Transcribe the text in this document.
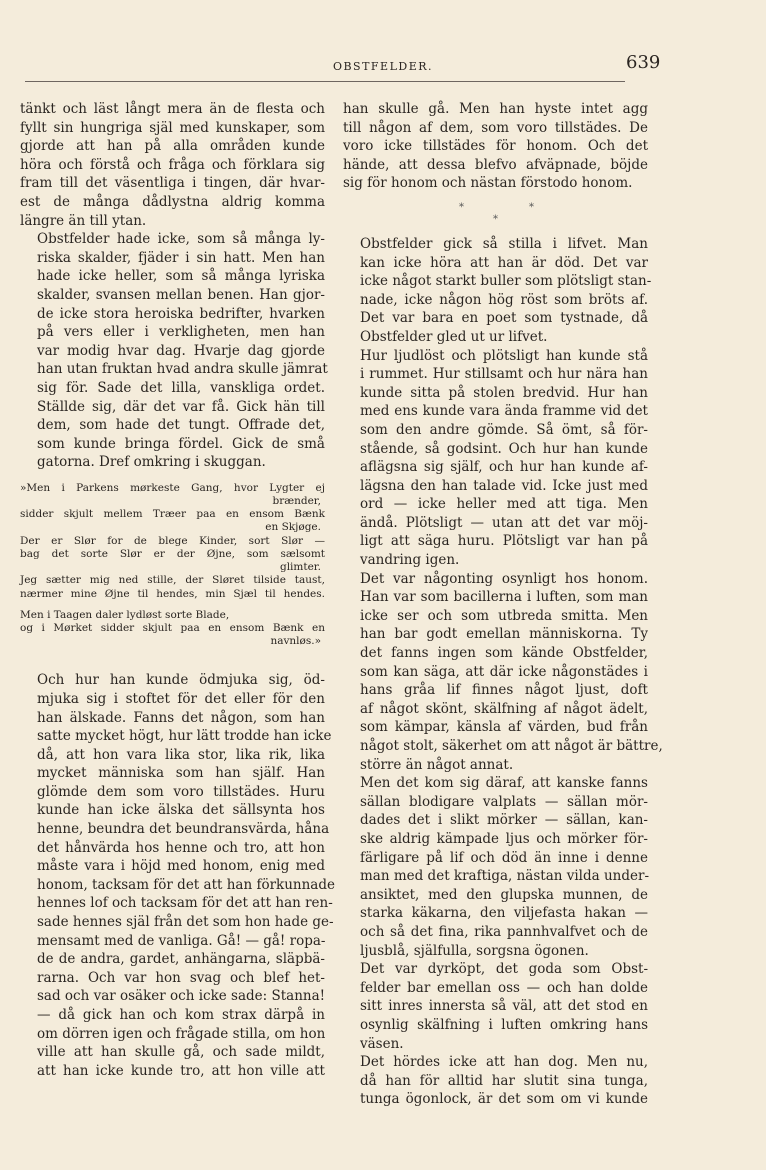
OBSTFELDER.	639

tänkt och läst långt mera än de flesta och
fyllt sin hungriga själ med kunskaper, som
gjorde att han på alla områden kunde
höra och förstå och fråga och förklara sig
fram till det väsentliga i tingen, där hvar-
est de många dådlystna aldrig komma
längre än till ytan.

Obstfelder hade icke, som så många ly-
riska skalder, fjäder i sin hatt. Men han
hade icke heller, som så många lyriska
skalder, svansen mellan benen. Han gjor-
de icke stora heroiska bedrifter, hvarken
på vers eller i verkligheten, men han
var modig hvar dag. Hvarje dag gjorde
han utan fruktan hvad andra skulle jämrat
sig för. Sade det lilla, vanskliga ordet.
Ställde sig, där det var få. Gick hän till
dem, som hade det tungt. Offrade det,
som kunde bringa fördel. Gick de små
gatorna. Dref omkring i skuggan.

»Men i Parkens mørkeste Gang, hvor Lygter ej
brænder,
sidder skjult mellem Træer paa en ensom Bænk
en Skjøge.
Der er Slør for de blege Kinder, sort Slør —
bag det sorte Slør er der Øjne, som sælsomt
glimter.
Jeg sætter mig ned stille, der Sløret tilside taust,
nærmer mine Øjne til hendes, min Sjæl til hendes.
Men i Taagen daler lydløst sorte Blade,
og i Mørket sidder skjult paa en ensom Bænk en
navnløs.»

Och hur han kunde ödmjuka sig, öd-
mjuka sig i stoftet för det eller för den
han älskade. Fanns det någon, som han
satte mycket högt, hur lätt trodde han icke
då, att hon vara lika stor, lika rik, lika
mycket människa som han själf. Han
glömde dem som voro tillstädes. Huru
kunde han icke älska det sällsynta hos
henne, beundra det beundransvärda, håna
det hånvärda hos henne och tro, att hon
måste vara i höjd med honom, enig med
honom, tacksam för det att han förkunnade
hennes lof och tacksam för det att han ren-
sade hennes själ från det som hon hade ge-
mensamt med de vanliga. Gå! — gå! ropa-
de de andra, gardet, anhängarna, släpbä-
rarna. Och var hon svag och blef het-
sad och var osäker och icke sade: Stanna!
— då gick han och kom strax därpå in
om dörren igen och frågade stilla, om hon
ville att han skulle gå, och sade mildt,
att han icke kunde tro, att hon ville att

han skulle gå. Men han hyste intet agg
till någon af dem, som voro tillstädes. De
voro icke tillstädes för honom. Och det
hände, att dessa blefvo afväpnade, böjde
sig för honom och nästan förstodo honom.

*	*
*

Obstfelder gick så stilla i lifvet. Man
kan icke höra att han är död. Det var
icke något starkt buller som plötsligt stan-
nade, icke någon hög röst som bröts af.
Det var bara en poet som tystnade, då
Obstfelder gled ut ur lifvet.

Hur ljudlöst och plötsligt han kunde stå
i rummet. Hur stillsamt och hur nära han
kunde sitta på stolen bredvid. Hur han
med ens kunde vara ända framme vid det
som den andre gömde. Så ömt, så för-
stående, så godsint. Och hur han kunde
aflägsna sig själf, och hur han kunde af-
lägsna den han talade vid. Icke just med
ord — icke heller med att tiga. Men
ändå. Plötsligt — utan att det var möj-
ligt att säga huru. Plötsligt var han på
vandring igen.

Det var någonting osynligt hos honom.
Han var som bacillerna i luften, som man
icke ser och som utbreda smitta. Men
han bar godt emellan människorna. Ty
det fanns ingen som kände Obstfelder,
som kan säga, att där icke någonstädes i
hans gråa lif finnes något ljust, doft
af något skönt, skälfning af något ädelt,
som kämpar, känsla af värden, bud från
något stolt, säkerhet om att något är bättre,
större än något annat.

Men det kom sig däraf, att kanske fanns
sällan blodigare valplats — sällan mör-
dades det i slikt mörker — sällan, kan-
ske aldrig kämpade ljus och mörker för-
färligare på lif och död än inne i denne
man med det kraftiga, nästan vilda under-
ansiktet, med den glupska munnen, de
starka käkarna, den viljefasta hakan —
och så det fina, rika pannhvalfvet och de
ljusblå, själfulla, sorgsna ögonen.

Det var dyrköpt, det goda som Obst-
felder bar emellan oss — och han dolde
sitt inres innersta så väl, att det stod en
osynlig skälfning i luften omkring hans
väsen.

Det hördes icke att han dog. Men nu,
då han för alltid har slutit sina tunga,
tunga ögonlock, är det som om vi kunde
